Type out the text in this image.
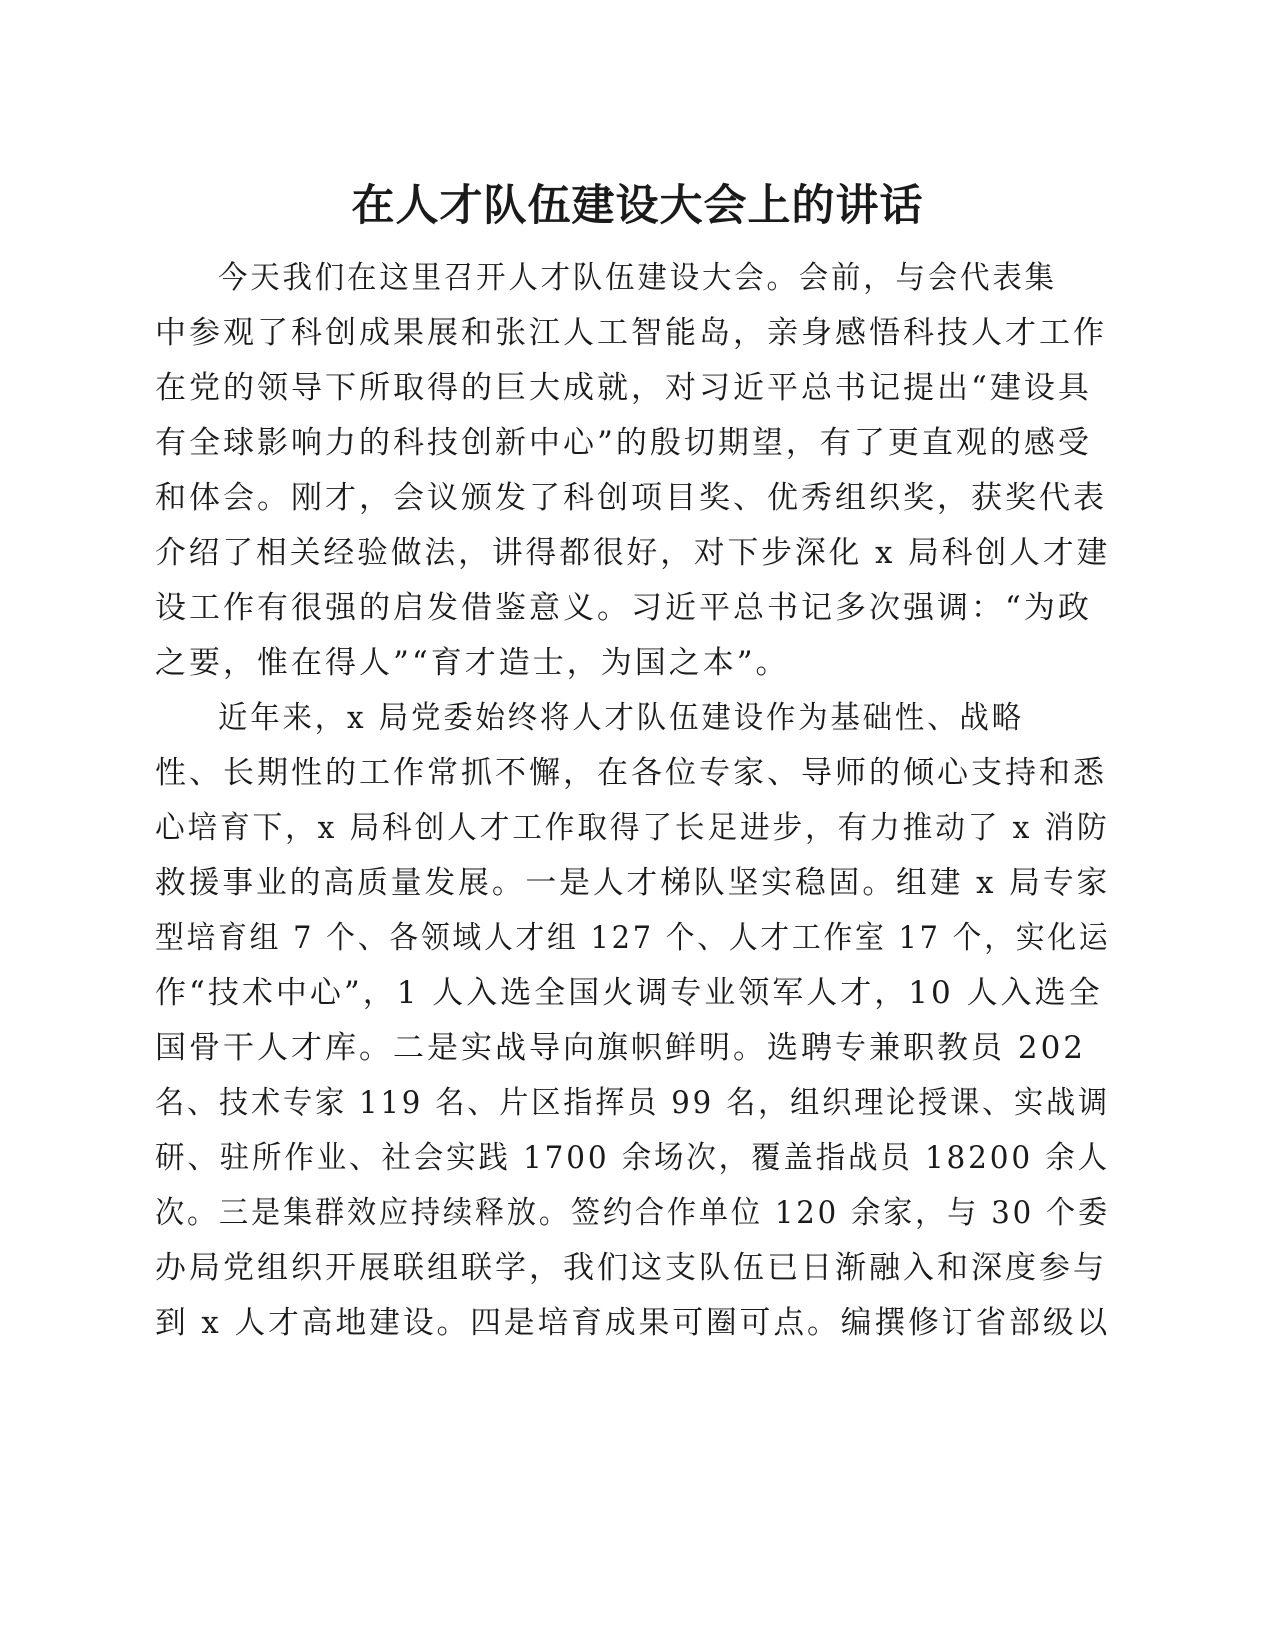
在人才队伍建设大会上的讲话
今天我们在这里召开人才队伍建设大会。会前，与会代表集
中参观了科创成果展和张江人工智能岛，亲身感悟科技人才工作
在党的领导下所取得的巨大成就，对习近平总书记提出“建设具
有全球影响力的科技创新中心”的殷切期望，有了更直观的感受
和体会。刚才，会议颁发了科创项目奖、优秀组织奖，获奖代表
介绍了相关经验做法，讲得都很好，对下步深化 x 局科创人才建
设工作有很强的启发借鉴意义。习近平总书记多次强调：“为政
之要，惟在得人”“育才造士，为国之本”。
近年来，x 局党委始终将人才队伍建设作为基础性、战略
性、长期性的工作常抓不懈，在各位专家、导师的倾心支持和悉
心培育下，x 局科创人才工作取得了长足进步，有力推动了 x 消防
救援事业的高质量发展。一是人才梯队坚实稳固。组建 x 局专家
型培育组 7 个、各领域人才组 127 个、人才工作室 17 个，实化运
作“技术中心”，1 人入选全国火调专业领军人才，10 人入选全
国骨干人才库。二是实战导向旗帜鲜明。选聘专兼职教员 202
名、技术专家 119 名、片区指挥员 99 名，组织理论授课、实战调
研、驻所作业、社会实践 1700 余场次，覆盖指战员 18200 余人
次。三是集群效应持续释放。签约合作单位 120 余家，与 30 个委
办局党组织开展联组联学，我们这支队伍已日渐融入和深度参与
到 x 人才高地建设。四是培育成果可圈可点。编撰修订省部级以
